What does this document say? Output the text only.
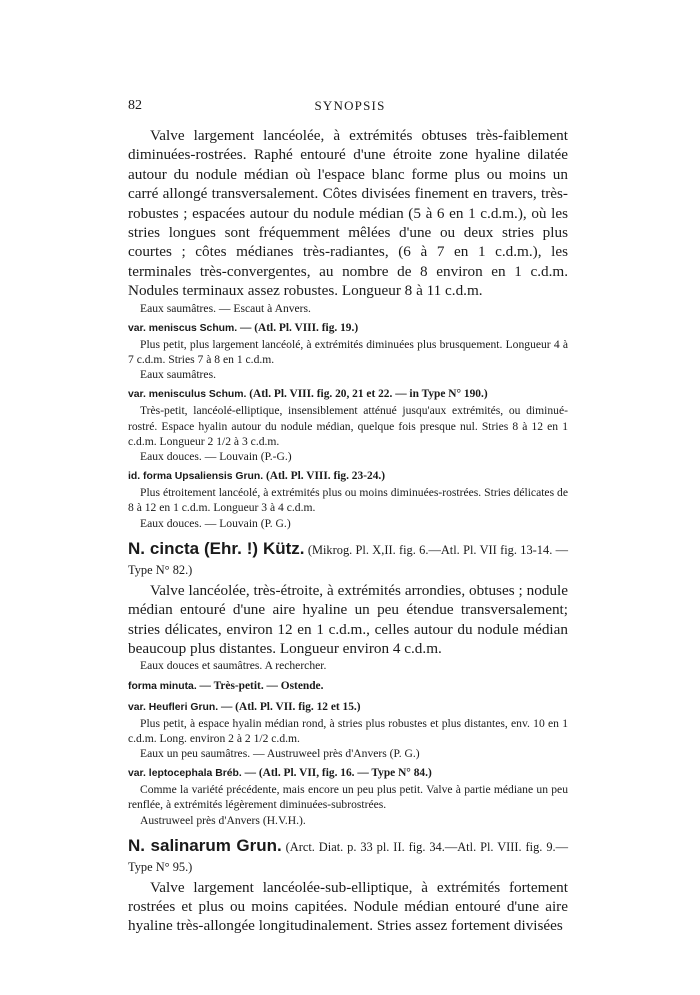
82	SYNOPSIS
Valve largement lancéolée, à extrémités obtuses très-faiblement diminuées-rostrées. Raphé entouré d'une étroite zone hyaline dilatée autour du nodule médian où l'espace blanc forme plus ou moins un carré allongé transversalement. Côtes divisées finement en travers, très-robustes ; espacées autour du nodule médian (5 à 6 en 1 c.d.m.), où les stries longues sont fréquemment mêlées d'une ou deux stries plus courtes ; côtes médianes très-radiantes, (6 à 7 en 1 c.d.m.), les terminales très-convergentes, au nombre de 8 environ en 1 c.d.m. Nodules terminaux assez robustes. Longueur 8 à 11 c.d.m.
Eaux saumâtres. — Escaut à Anvers.
var. meniscus Schum. — (Atl. Pl. VIII. fig. 19.)
Plus petit, plus largement lancéolé, à extrémités diminuées plus brusquement. Longueur 4 à 7 c.d.m. Stries 7 à 8 en 1 c.d.m.
Eaux saumâtres.
var. menisculus Schum. (Atl. Pl. VIII. fig. 20, 21 et 22. — in Type N° 190.)
Très-petit, lancéolé-elliptique, insensiblement atténué jusqu'aux extrémités, ou diminué-rostré. Espace hyalin autour du nodule médian, quelque fois presque nul. Stries 8 à 12 en 1 c.d.m. Longueur 2 1/2 à 3 c.d.m.
Eaux douces. — Louvain (P.-G.)
id. forma Upsaliensis Grun. (Atl. Pl. VIII. fig. 23-24.)
Plus étroitement lancéolé, à extrémités plus ou moins diminuées-rostrées. Stries délicates de 8 à 12 en 1 c.d.m. Longueur 3 à 4 c.d.m.
Eaux douces. — Louvain (P. G.)
N. cincta (Ehr. !) Kütz. (Mikrog. Pl. X,II. fig. 6.—Atl. Pl. VII fig. 13-14. — Type N° 82.)
Valve lancéolée, très-étroite, à extrémités arrondies, obtuses ; nodule médian entouré d'une aire hyaline un peu étendue transversalement; stries délicates, environ 12 en 1 c.d.m., celles autour du nodule médian beaucoup plus distantes. Longueur environ 4 c.d.m.
Eaux douces et saumâtres. A rechercher.
forma minuta. — Très-petit. — Ostende.
var. Heufleri Grun. — (Atl. Pl. VII. fig. 12 et 15.)
Plus petit, à espace hyalin médian rond, à stries plus robustes et plus distantes, env. 10 en 1 c.d.m. Long. environ 2 à 2 1/2 c.d.m.
Eaux un peu saumâtres. — Austruweel près d'Anvers (P. G.)
var. leptocephala Bréb. — (Atl. Pl. VII, fig. 16. — Type N° 84.)
Comme la variété précédente, mais encore un peu plus petit. Valve à partie médiane un peu renflée, à extrémités légèrement diminuées-subrostrées.
Austruweel près d'Anvers (H.V.H.).
N. salinarum Grun. (Arct. Diat. p. 33 pl. II. fig. 34.—Atl. Pl. VIII. fig. 9.— Type N° 95.)
Valve largement lancéolée-sub-elliptique, à extrémités fortement rostrées et plus ou moins capitées. Nodule médian entouré d'une aire hyaline très-allongée longitudinalement. Stries assez fortement divisées
